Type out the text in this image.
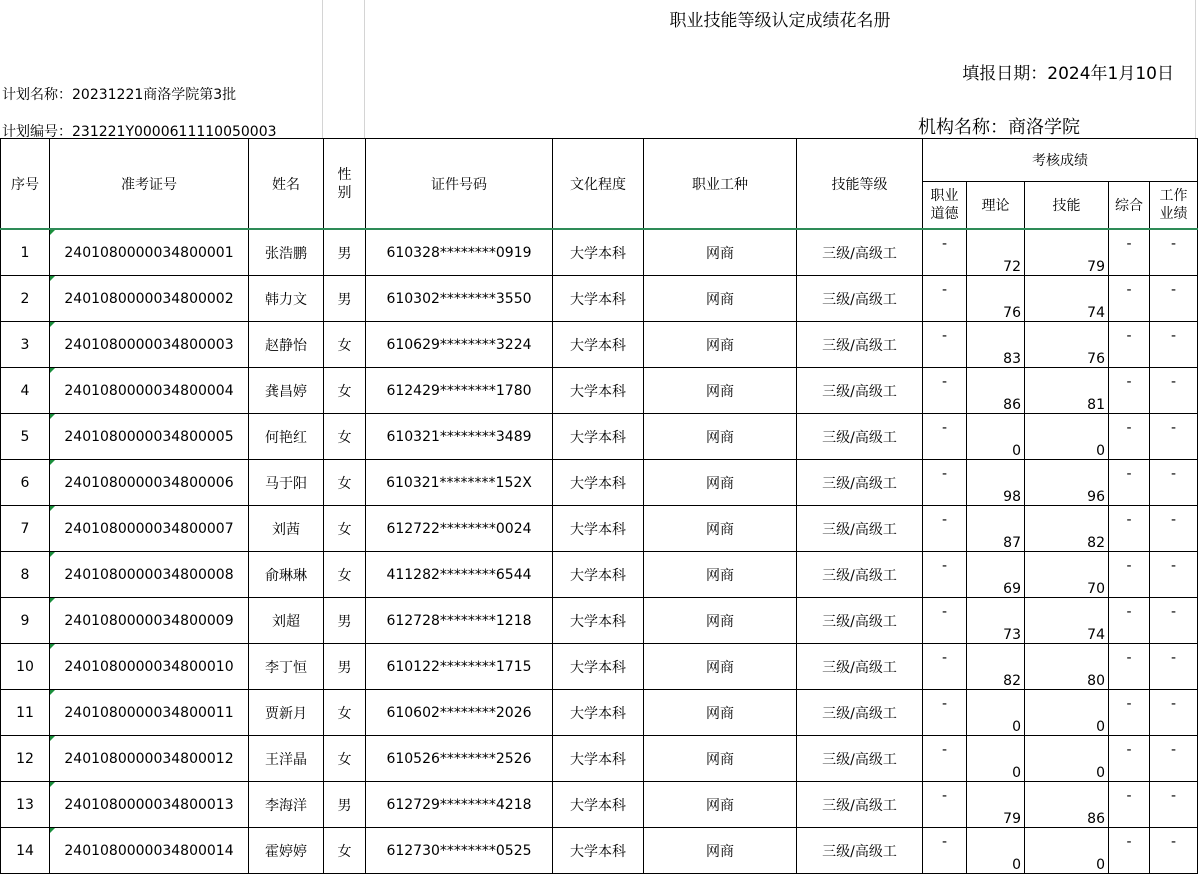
职业技能等级认定成绩花名册
填报日期：2024年1月10日
机构名称：商洛学院
计划名称：20231221商洛学院第3批
计划编号：231221Y0000611110050003
序号	准考证号	姓名	性别	证件号码	文化程度	职业工种	技能等级	考核成绩				
								职业道德	理论	技能	综合	工作业绩
1	2401080000034800001	张浩鹏	男	610328********0919	大学本科	网商	三级/高级工	-	72	79	-	-
2	2401080000034800002	韩力文	男	610302********3550	大学本科	网商	三级/高级工	-	76	74	-	-
3	2401080000034800003	赵静怡	女	610629********3224	大学本科	网商	三级/高级工	-	83	76	-	-
4	2401080000034800004	龚昌婷	女	612429********1780	大学本科	网商	三级/高级工	-	86	81	-	-
5	2401080000034800005	何艳红	女	610321********3489	大学本科	网商	三级/高级工	-	0	0	-	-
6	2401080000034800006	马于阳	女	610321********152X	大学本科	网商	三级/高级工	-	98	96	-	-
7	2401080000034800007	刘茜	女	612722********0024	大学本科	网商	三级/高级工	-	87	82	-	-
8	2401080000034800008	俞琳琳	女	411282********6544	大学本科	网商	三级/高级工	-	69	70	-	-
9	2401080000034800009	刘超	男	612728********1218	大学本科	网商	三级/高级工	-	73	74	-	-
10	2401080000034800010	李丁恒	男	610122********1715	大学本科	网商	三级/高级工	-	82	80	-	-
11	2401080000034800011	贾新月	女	610602********2026	大学本科	网商	三级/高级工	-	0	0	-	-
12	2401080000034800012	王洋晶	女	610526********2526	大学本科	网商	三级/高级工	-	0	0	-	-
13	2401080000034800013	李海洋	男	612729********4218	大学本科	网商	三级/高级工	-	79	86	-	-
14	2401080000034800014	霍婷婷	女	612730********0525	大学本科	网商	三级/高级工	-	0	0	-	-
